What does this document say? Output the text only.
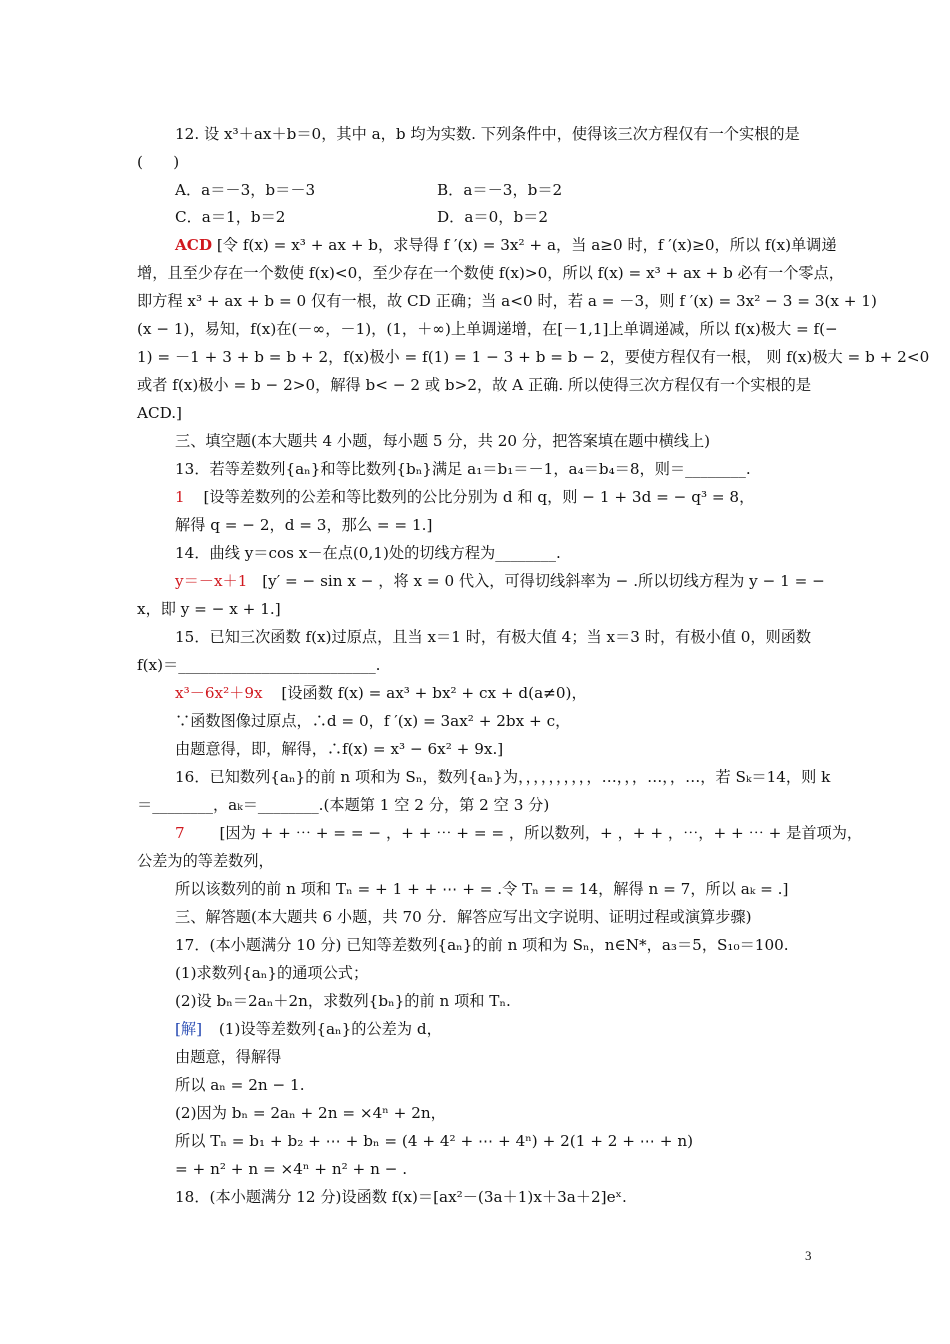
12. 设 x³＋ax＋b＝0，其中 a，b 均为实数. 下列条件中，使得该三次方程仅有一个实根的是
(　　)
A．a＝－3，b＝－3	B．a＝－3，b＝2
C．a＝1，b＝2	D．a＝0，b＝2
ACD [令 f(x) = x³ + ax + b，求导得 f ′(x) = 3x² + a，当 a≥0 时，f ′(x)≥0，所以 f(x)单调递
增，且至少存在一个数使 f(x)<0，至少存在一个数使 f(x)>0，所以 f(x) = x³ + ax + b 必有一个零点，
即方程 x³ + ax + b = 0 仅有一根，故 CD 正确；当 a<0 时，若 a = －3，则 f ′(x) = 3x² − 3 = 3(x + 1)
(x − 1)，易知，f(x)在(－∞，－1)，(1，＋∞)上单调递增，在[－1,1]上单调递减，所以 f(x)极大 = f(−
1) = －1 + 3 + b = b + 2，f(x)极小 = f(1) = 1 − 3 + b = b − 2，要使方程仅有一根， 则 f(x)极大 = b + 2<0
或者 f(x)极小 = b − 2>0，解得 b< − 2 或 b>2，故 A 正确. 所以使得三次方程仅有一个实根的是
ACD.]
三、填空题(本大题共 4 小题，每小题 5 分，共 20 分，把答案填在题中横线上)
13．若等差数列{aₙ}和等比数列{bₙ}满足 a₁＝b₁＝－1，a₄＝b₄＝8，则＝________.
1 [设等差数列的公差和等比数列的公比分别为 d 和 q，则 − 1 + 3d = − q³ = 8，
解得 q = − 2，d = 3，那么 = = 1.]
14．曲线 y＝cos x－在点(0,1)处的切线方程为________.
y＝－x＋1 [y′ = − sin x − ，将 x = 0 代入，可得切线斜率为 − .所以切线方程为 y − 1 = −
x，即 y = − x + 1.]
15．已知三次函数 f(x)过原点，且当 x＝1 时，有极大值 4；当 x＝3 时，有极小值 0，则函数
f(x)＝__________________________.
x³－6x²＋9x [设函数 f(x) = ax³ + bx² + cx + d(a≠0)，
∵函数图像过原点，∴d = 0，f ′(x) = 3ax² + 2bx + c，
由题意得，即，解得，∴f(x) = x³ − 6x² + 9x.]
16．已知数列{aₙ}的前 n 项和为 Sₙ，数列{aₙ}为，，，，，，，，，，…，，，…，，…，若 Sₖ＝14，则 k
＝________，aₖ＝________.(本题第 1 空 2 分，第 2 空 3 分)
7 [因为 + + ⋯ + = = − ，+ + ⋯ + = = ，所以数列，+ ，+ + ，⋯，+ + ⋯ + 是首项为，
公差为的等差数列，
所以该数列的前 n 项和 Tₙ = + 1 + + ⋯ + = .令 Tₙ = = 14，解得 n = 7，所以 aₖ = .]
三、解答题(本大题共 6 小题，共 70 分．解答应写出文字说明、证明过程或演算步骤)
17．(本小题满分 10 分) 已知等差数列{aₙ}的前 n 项和为 Sₙ，n∈N*，a₃＝5，S₁₀＝100.
(1)求数列{aₙ}的通项公式；
(2)设 bₙ＝2aₙ＋2n，求数列{bₙ}的前 n 项和 Tₙ.
[解] (1)设等差数列{aₙ}的公差为 d，
由题意，得解得
所以 aₙ = 2n − 1.
(2)因为 bₙ = 2aₙ + 2n = ×4ⁿ + 2n，
所以 Tₙ = b₁ + b₂ + ⋯ + bₙ = (4 + 4² + ⋯ + 4ⁿ) + 2(1 + 2 + ⋯ + n)
= + n² + n = ×4ⁿ + n² + n − .
18．(本小题满分 12 分)设函数 f(x)＝[ax²－(3a＋1)x＋3a＋2]eˣ.
3
